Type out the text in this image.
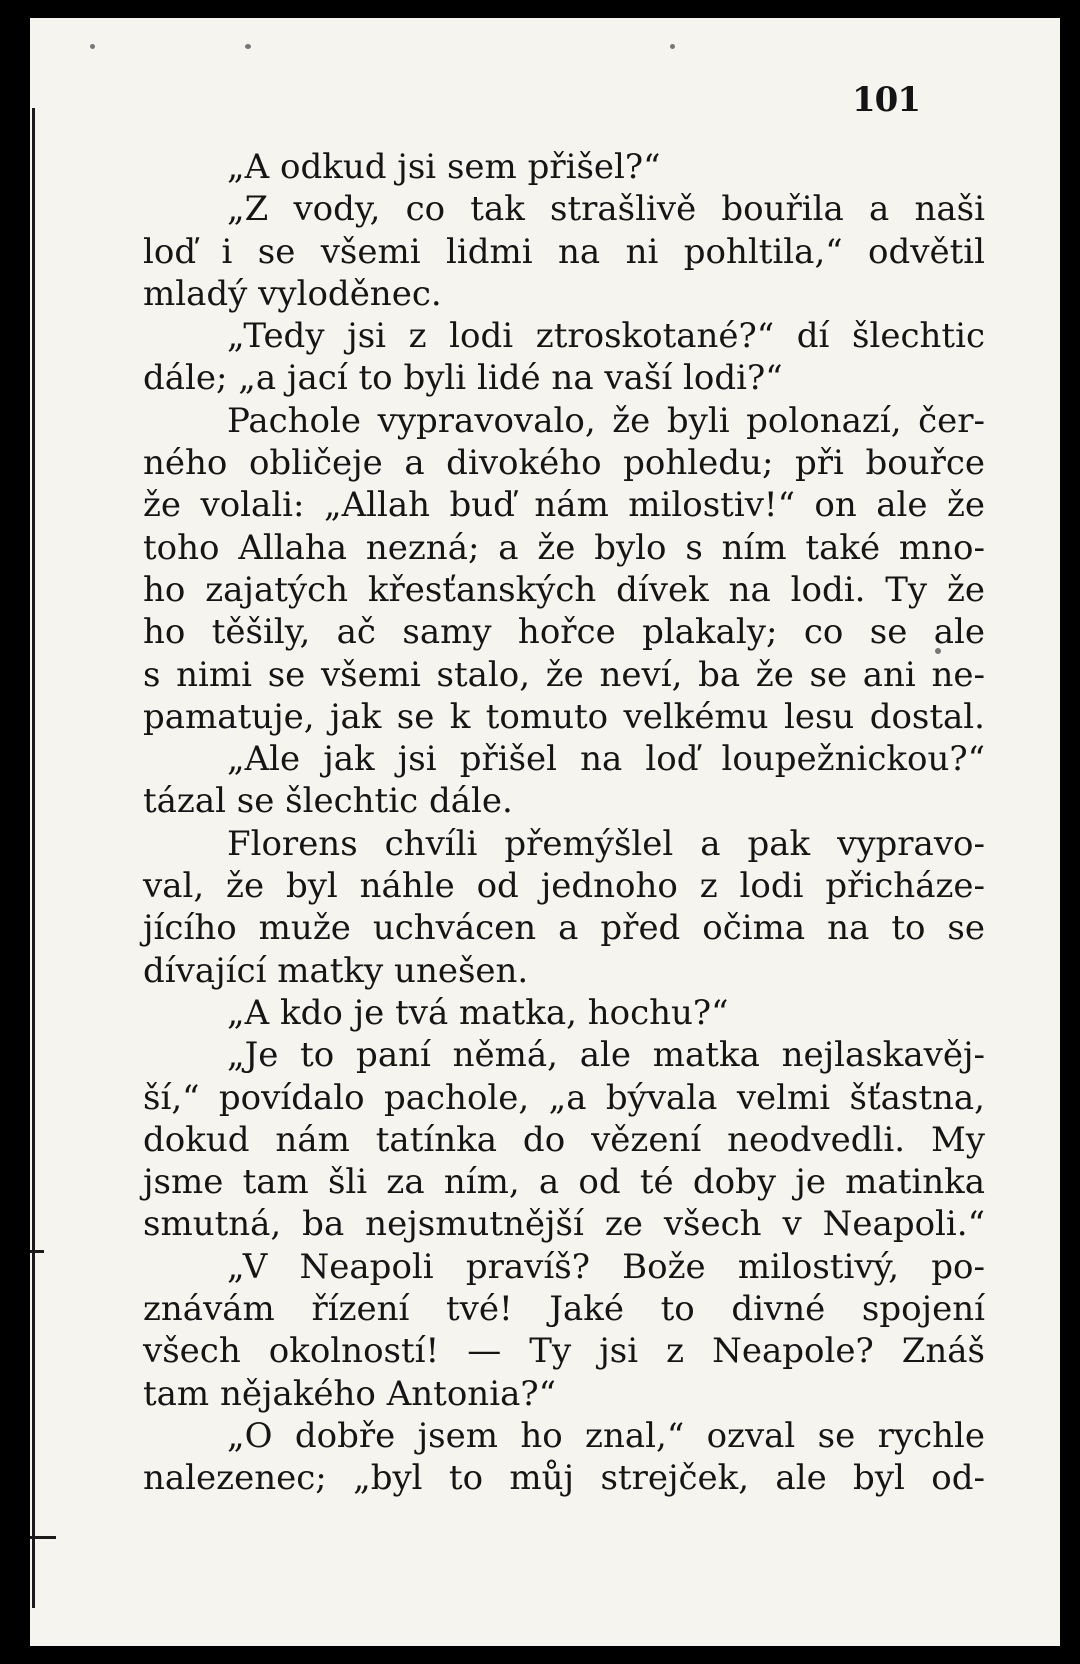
101
„A odkud jsi sem přišel?“
„Z vody, co tak strašlivě bouřila a naši
loď i se všemi lidmi na ni pohltila,“ odvětil
mladý vyloděnec.
„Tedy jsi z lodi ztroskotané?“ dí šlechtic
dále; „a jací to byli lidé na vaší lodi?“
Pachole vypravovalo, že byli polonazí, čer-
ného obličeje a divokého pohledu; při bouřce
že volali: „Allah buď nám milostiv!“ on ale že
toho Allaha nezná; a že bylo s ním také mno-
ho zajatých křesťanských dívek na lodi. Ty že
ho těšily, ač samy hořce plakaly; co se ale
s nimi se všemi stalo, že neví, ba že se ani ne-
pamatuje, jak se k tomuto velkému lesu dostal.
„Ale jak jsi přišel na loď loupežnickou?“
tázal se šlechtic dále.
Florens chvíli přemýšlel a pak vypravo-
val, že byl náhle od jednoho z lodi přicháze-
jícího muže uchvácen a před očima na to se
dívající matky unešen.
„A kdo je tvá matka, hochu?“
„Je to paní němá, ale matka nejlaskavěj-
ší,“ povídalo pachole, „a bývala velmi šťastna,
dokud nám tatínka do vězení neodvedli. My
jsme tam šli za ním, a od té doby je matinka
smutná, ba nejsmutnější ze všech v Neapoli.“
„V Neapoli pravíš? Bože milostivý, po-
znávám řízení tvé! Jaké to divné spojení
všech okolností! — Ty jsi z Neapole? Znáš
tam nějakého Antonia?“
„O dobře jsem ho znal,“ ozval se rychle
nalezenec; „byl to můj strejček, ale byl od-
